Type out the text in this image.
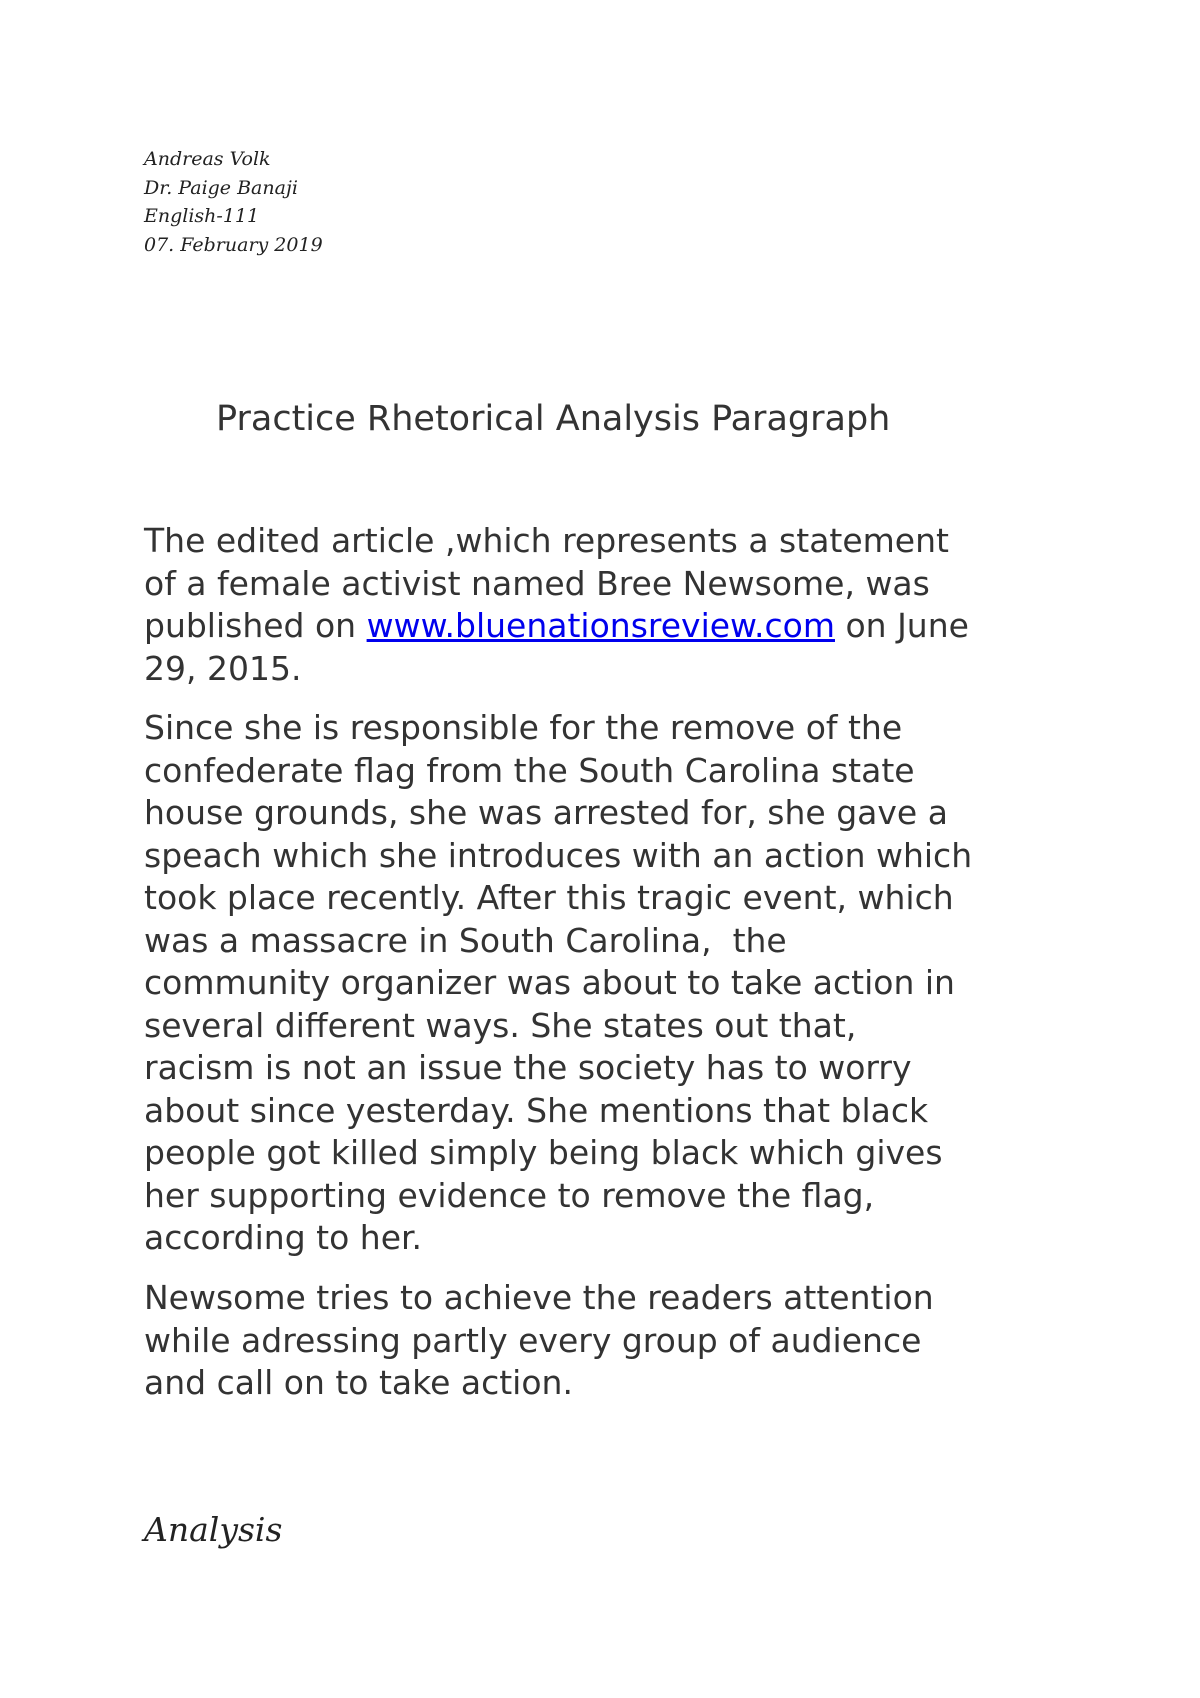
Andreas Volk
Dr. Paige Banaji
English-111
07. February 2019
Practice Rhetorical Analysis Paragraph

The edited article ,which represents a statement
of a female activist named Bree Newsome, was
published on www.bluenationsreview.com on June
29, 2015.

Since she is responsible for the remove of the
confederate flag from the South Carolina state
house grounds, she was arrested for, she gave a
speach which she introduces with an action which
took place recently. After this tragic event, which
was a massacre in South Carolina,  the
community organizer was about to take action in
several different ways. She states out that,
racism is not an issue the society has to worry
about since yesterday. She mentions that black
people got killed simply being black which gives
her supporting evidence to remove the flag,
according to her.

Newsome tries to achieve the readers attention
while adressing partly every group of audience
and call on to take action.

Analysis
